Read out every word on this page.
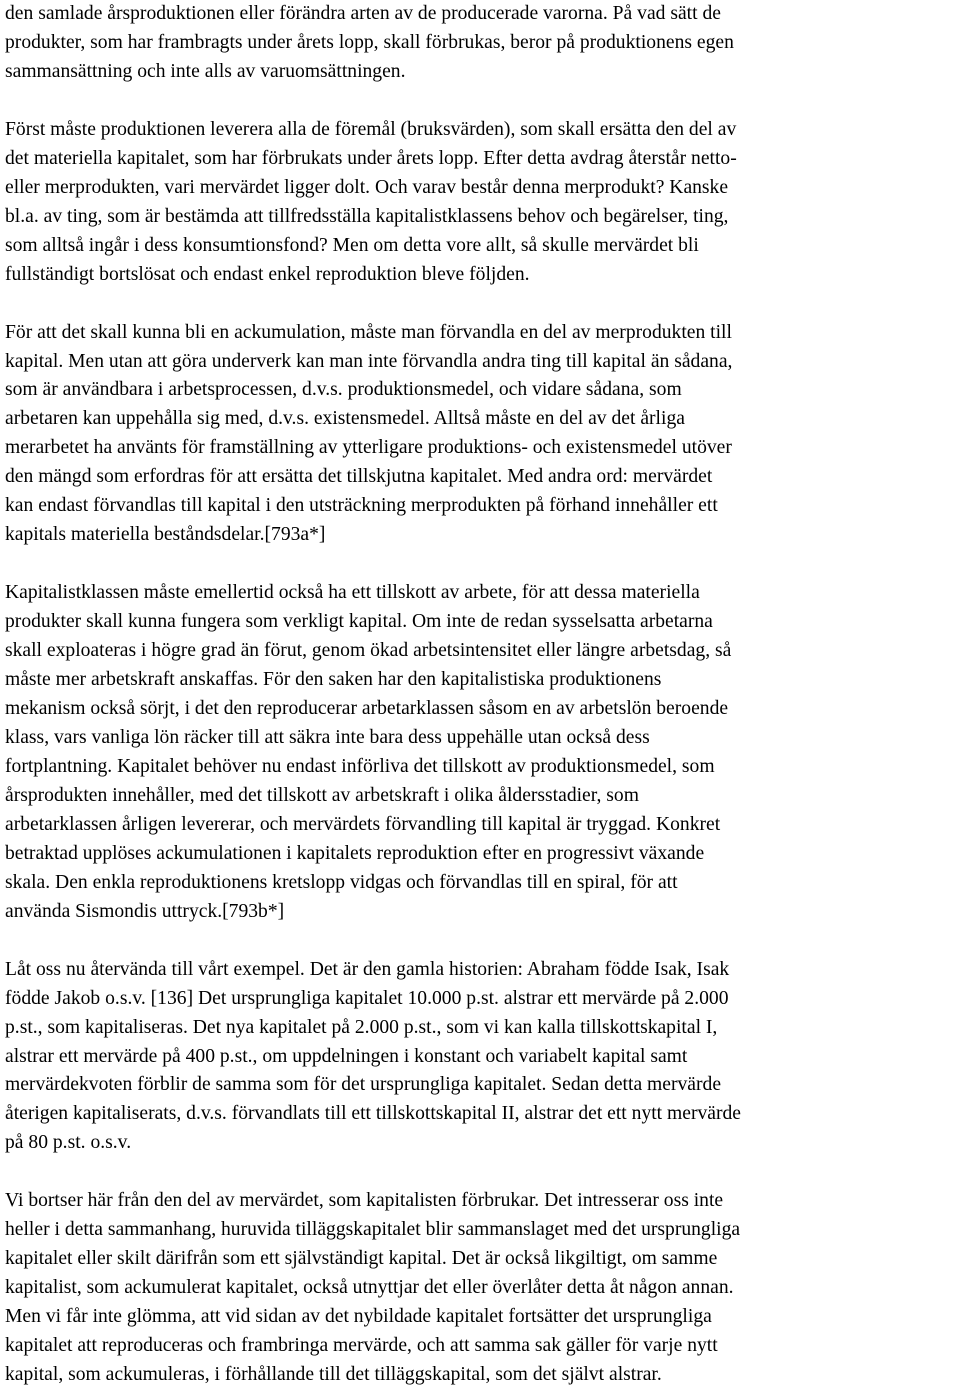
den samlade årsproduktionen eller förändra arten av de producerade varorna. På vad sätt de
produkter, som har frambragts under årets lopp, skall förbrukas, beror på produktionens egen
sammansättning och inte alls av varuomsättningen.

Först måste produktionen leverera alla de föremål (bruksvärden), som skall ersätta den del av
det materiella kapitalet, som har förbrukats under årets lopp. Efter detta avdrag återstår netto-
eller merprodukten, vari mervärdet ligger dolt. Och varav består denna merprodukt? Kanske
bl.a. av ting, som är bestämda att tillfredsställa kapitalistklassens behov och begärelser, ting,
som alltså ingår i dess konsumtionsfond? Men om detta vore allt, så skulle mervärdet bli
fullständigt bortslösat och endast enkel reproduktion bleve följden.

För att det skall kunna bli en ackumulation, måste man förvandla en del av merprodukten till
kapital. Men utan att göra underverk kan man inte förvandla andra ting till kapital än sådana,
som är användbara i arbetsprocessen, d.v.s. produktionsmedel, och vidare sådana, som
arbetaren kan uppehålla sig med, d.v.s. existensmedel. Alltså måste en del av det årliga
merarbetet ha använts för framställning av ytterligare produktions- och existensmedel utöver
den mängd som erfordras för att ersätta det tillskjutna kapitalet. Med andra ord: mervärdet
kan endast förvandlas till kapital i den utsträckning merprodukten på förhand innehåller ett
kapitals materiella beståndsdelar.[793a*]

Kapitalistklassen måste emellertid också ha ett tillskott av arbete, för att dessa materiella
produkter skall kunna fungera som verkligt kapital. Om inte de redan sysselsatta arbetarna
skall exploateras i högre grad än förut, genom ökad arbetsintensitet eller längre arbetsdag, så
måste mer arbetskraft anskaffas. För den saken har den kapitalistiska produktionens
mekanism också sörjt, i det den reproducerar arbetarklassen såsom en av arbetslön beroende
klass, vars vanliga lön räcker till att säkra inte bara dess uppehälle utan också dess
fortplantning. Kapitalet behöver nu endast införliva det tillskott av produktionsmedel, som
årsprodukten innehåller, med det tillskott av arbetskraft i olika åldersstadier, som
arbetarklassen årligen levererar, och mervärdets förvandling till kapital är tryggad. Konkret
betraktad upplöses ackumulationen i kapitalets reproduktion efter en progressivt växande
skala. Den enkla reproduktionens kretslopp vidgas och förvandlas till en spiral, för att
använda Sismondis uttryck.[793b*]

Låt oss nu återvända till vårt exempel. Det är den gamla historien: Abraham födde Isak, Isak
födde Jakob o.s.v. [136] Det ursprungliga kapitalet 10.000 p.st. alstrar ett mervärde på 2.000
p.st., som kapitaliseras. Det nya kapitalet på 2.000 p.st., som vi kan kalla tillskottskapital I,
alstrar ett mervärde på 400 p.st., om uppdelningen i konstant och variabelt kapital samt
mervärdekvoten förblir de samma som för det ursprungliga kapitalet. Sedan detta mervärde
återigen kapitaliserats, d.v.s. förvandlats till ett tillskottskapital II, alstrar det ett nytt mervärde
på 80 p.st. o.s.v.

Vi bortser här från den del av mervärdet, som kapitalisten förbrukar. Det intresserar oss inte
heller i detta sammanhang, huruvida tilläggskapitalet blir sammanslaget med det ursprungliga
kapitalet eller skilt därifrån som ett självständigt kapital. Det är också likgiltigt, om samme
kapitalist, som ackumulerat kapitalet, också utnyttjar det eller överlåter detta åt någon annan.
Men vi får inte glömma, att vid sidan av det nybildade kapitalet fortsätter det ursprungliga
kapitalet att reproduceras och frambringa mervärde, och att samma sak gäller för varje nytt
kapital, som ackumuleras, i förhållande till det tilläggskapital, som det självt alstrar.
